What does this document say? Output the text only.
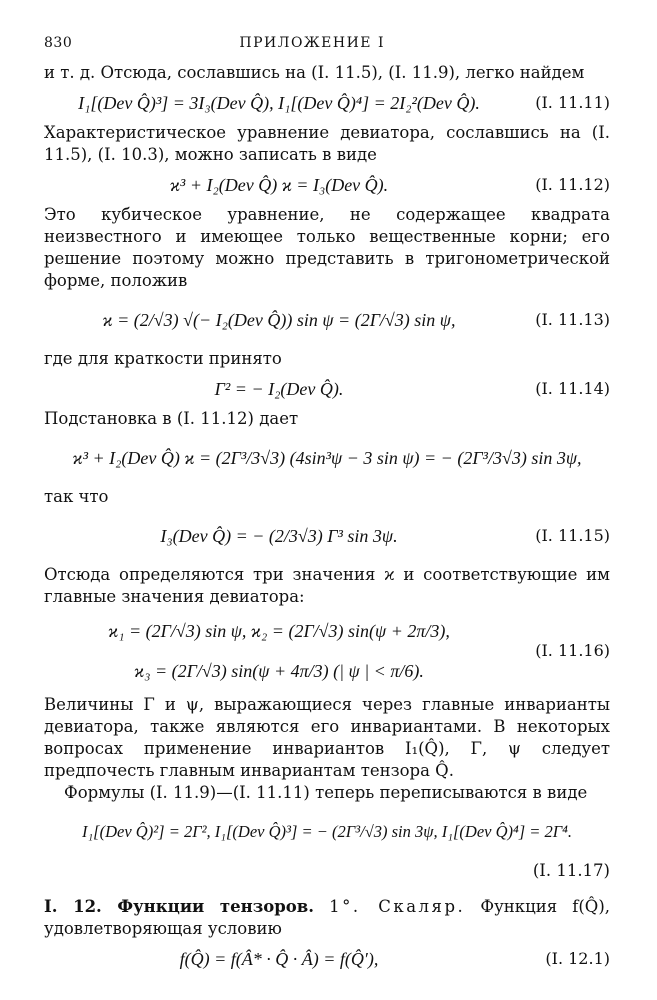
830	ПРИЛОЖЕНИЕ I

и т. д. Отсюда, сославшись на (I. 11.5), (I. 11.9), легко найдем

I₁[(Dev Q̂)³] = 3I₃(Dev Q̂), I₁[(Dev Q̂)⁴] = 2I₂²(Dev Q̂).	(I. 11.11)

Характеристическое уравнение девиатора, сославшись на (I. 11.5), (I. 10.3), можно записать в виде

ϰ³ + I₂(Dev Q̂) ϰ = I₃(Dev Q̂).	(I. 11.12)

Это кубическое уравнение, не содержащее квадрата неизвестного и имеющее только вещественные корни; его решение поэтому можно представить в тригонометрической форме, положив

ϰ = (2/√3) √(− I₂(Dev Q̂)) sin ψ = (2Γ/√3) sin ψ,	(I. 11.13)

где для краткости принято

Γ² = − I₂(Dev Q̂).	(I. 11.14)

Подстановка в (I. 11.12) дает

ϰ³ + I₂(Dev Q̂) ϰ = (2Γ³/3√3) (4sin³ψ − 3 sin ψ) = − (2Γ³/3√3) sin 3ψ,

так что

I₃(Dev Q̂) = − (2/3√3) Γ³ sin 3ψ.	(I. 11.15)

Отсюда определяются три значения ϰ и соответствующие им главные значения девиатора:

ϰ₁ = (2Γ/√3) sin ψ, ϰ₂ = (2Γ/√3) sin(ψ + 2π/3),
ϰ₃ = (2Γ/√3) sin(ψ + 4π/3) (| ψ | < π/6).
(I. 11.16)

Величины Γ и ψ, выражающиеся через главные инварианты девиатора, также являются его инвариантами. В некоторых вопросах применение инвариантов I₁(Q̂), Γ, ψ следует предпочесть главным инвариантам тензора Q̂.

Формулы (I. 11.9)—(I. 11.11) теперь переписываются в виде

I₁[(Dev Q̂)²] = 2Γ², I₁[(Dev Q̂)³] = − (2Γ³/√3) sin 3ψ, I₁[(Dev Q̂)⁴] = 2Γ⁴.
(I. 11.17)

I. 12. Функции тензоров. 1°. Скаляр. Функция f(Q̂), удовлетворяющая условию

f(Q̂) = f(Â* · Q̂ · Â) = f(Q̂′),	(I. 12.1)
